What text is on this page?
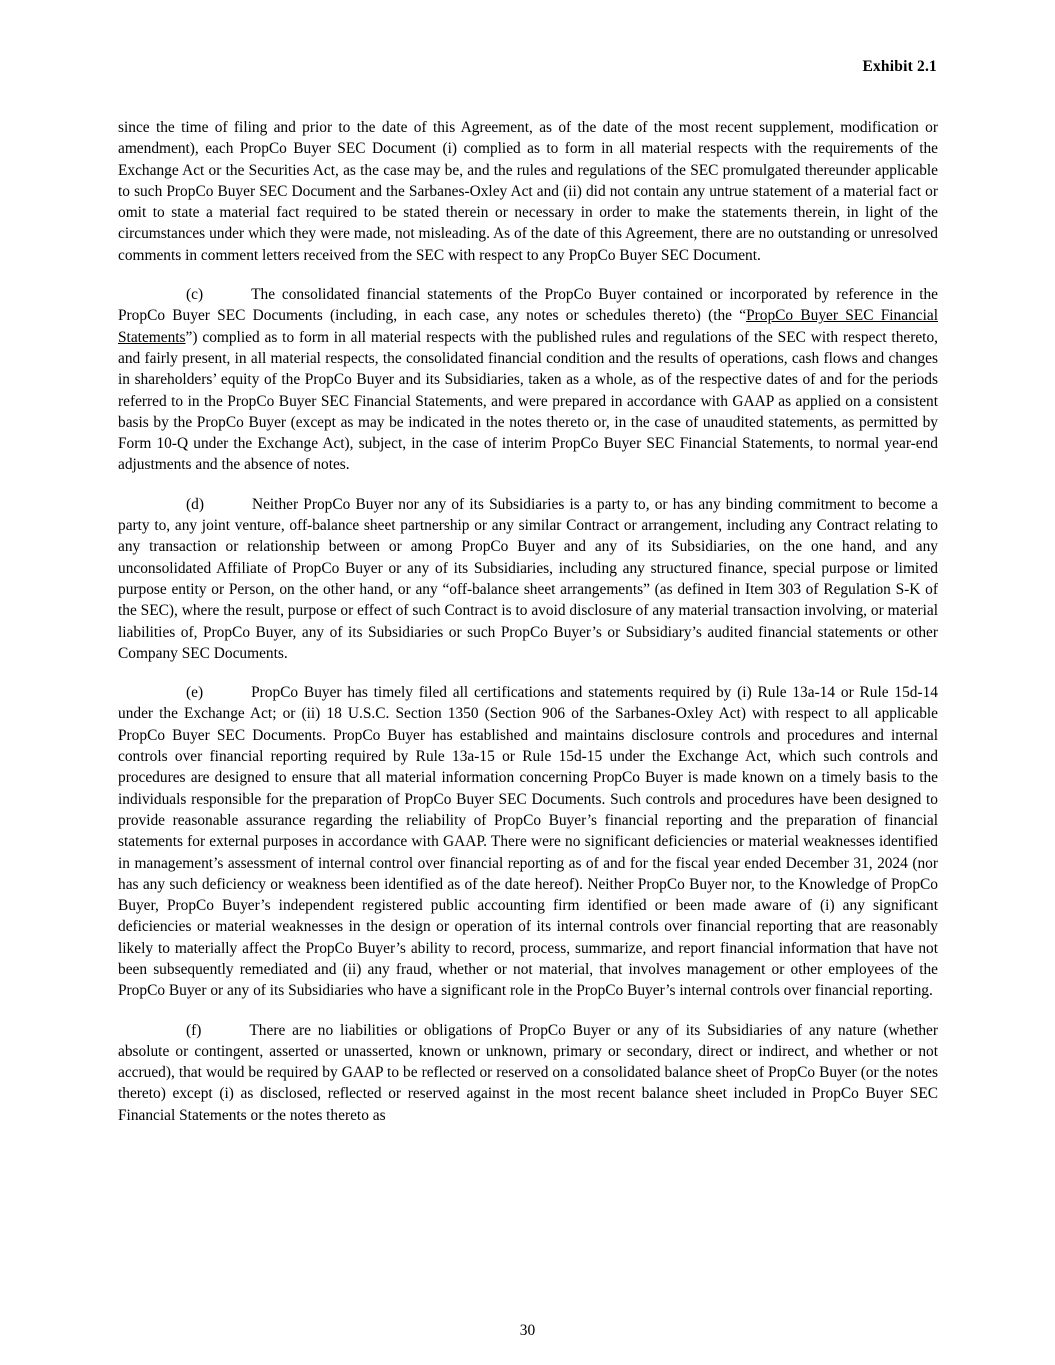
Exhibit 2.1

since the time of filing and prior to the date of this Agreement, as of the date of the most recent supplement, modification or amendment), each PropCo Buyer SEC Document (i) complied as to form in all material respects with the requirements of the Exchange Act or the Securities Act, as the case may be, and the rules and regulations of the SEC promulgated thereunder applicable to such PropCo Buyer SEC Document and the Sarbanes-Oxley Act and (ii) did not contain any untrue statement of a material fact or omit to state a material fact required to be stated therein or necessary in order to make the statements therein, in light of the circumstances under which they were made, not misleading. As of the date of this Agreement, there are no outstanding or unresolved comments in comment letters received from the SEC with respect to any PropCo Buyer SEC Document.

(c)	The consolidated financial statements of the PropCo Buyer contained or incorporated by reference in the PropCo Buyer SEC Documents (including, in each case, any notes or schedules thereto) (the “PropCo Buyer SEC Financial Statements”) complied as to form in all material respects with the published rules and regulations of the SEC with respect thereto, and fairly present, in all material respects, the consolidated financial condition and the results of operations, cash flows and changes in shareholders’ equity of the PropCo Buyer and its Subsidiaries, taken as a whole, as of the respective dates of and for the periods referred to in the PropCo Buyer SEC Financial Statements, and were prepared in accordance with GAAP as applied on a consistent basis by the PropCo Buyer (except as may be indicated in the notes thereto or, in the case of unaudited statements, as permitted by Form 10-Q under the Exchange Act), subject, in the case of interim PropCo Buyer SEC Financial Statements, to normal year-end adjustments and the absence of notes.

(d)	Neither PropCo Buyer nor any of its Subsidiaries is a party to, or has any binding commitment to become a party to, any joint venture, off-balance sheet partnership or any similar Contract or arrangement, including any Contract relating to any transaction or relationship between or among PropCo Buyer and any of its Subsidiaries, on the one hand, and any unconsolidated Affiliate of PropCo Buyer or any of its Subsidiaries, including any structured finance, special purpose or limited purpose entity or Person, on the other hand, or any “off-balance sheet arrangements” (as defined in Item 303 of Regulation S-K of the SEC), where the result, purpose or effect of such Contract is to avoid disclosure of any material transaction involving, or material liabilities of, PropCo Buyer, any of its Subsidiaries or such PropCo Buyer’s or Subsidiary’s audited financial statements or other Company SEC Documents.

(e)	PropCo Buyer has timely filed all certifications and statements required by (i) Rule 13a-14 or Rule 15d-14 under the Exchange Act; or (ii) 18 U.S.C. Section 1350 (Section 906 of the Sarbanes-Oxley Act) with respect to all applicable PropCo Buyer SEC Documents. PropCo Buyer has established and maintains disclosure controls and procedures and internal controls over financial reporting required by Rule 13a-15 or Rule 15d-15 under the Exchange Act, which such controls and procedures are designed to ensure that all material information concerning PropCo Buyer is made known on a timely basis to the individuals responsible for the preparation of PropCo Buyer SEC Documents. Such controls and procedures have been designed to provide reasonable assurance regarding the reliability of PropCo Buyer’s financial reporting and the preparation of financial statements for external purposes in accordance with GAAP. There were no significant deficiencies or material weaknesses identified in management’s assessment of internal control over financial reporting as of and for the fiscal year ended December 31, 2024 (nor has any such deficiency or weakness been identified as of the date hereof). Neither PropCo Buyer nor, to the Knowledge of PropCo Buyer, PropCo Buyer’s independent registered public accounting firm identified or been made aware of (i) any significant deficiencies or material weaknesses in the design or operation of its internal controls over financial reporting that are reasonably likely to materially affect the PropCo Buyer’s ability to record, process, summarize, and report financial information that have not been subsequently remediated and (ii) any fraud, whether or not material, that involves management or other employees of the PropCo Buyer or any of its Subsidiaries who have a significant role in the PropCo Buyer’s internal controls over financial reporting.

(f)	There are no liabilities or obligations of PropCo Buyer or any of its Subsidiaries of any nature (whether absolute or contingent, asserted or unasserted, known or unknown, primary or secondary, direct or indirect, and whether or not accrued), that would be required by GAAP to be reflected or reserved on a consolidated balance sheet of PropCo Buyer (or the notes thereto) except (i) as disclosed, reflected or reserved against in the most recent balance sheet included in PropCo Buyer SEC Financial Statements or the notes thereto as

30
